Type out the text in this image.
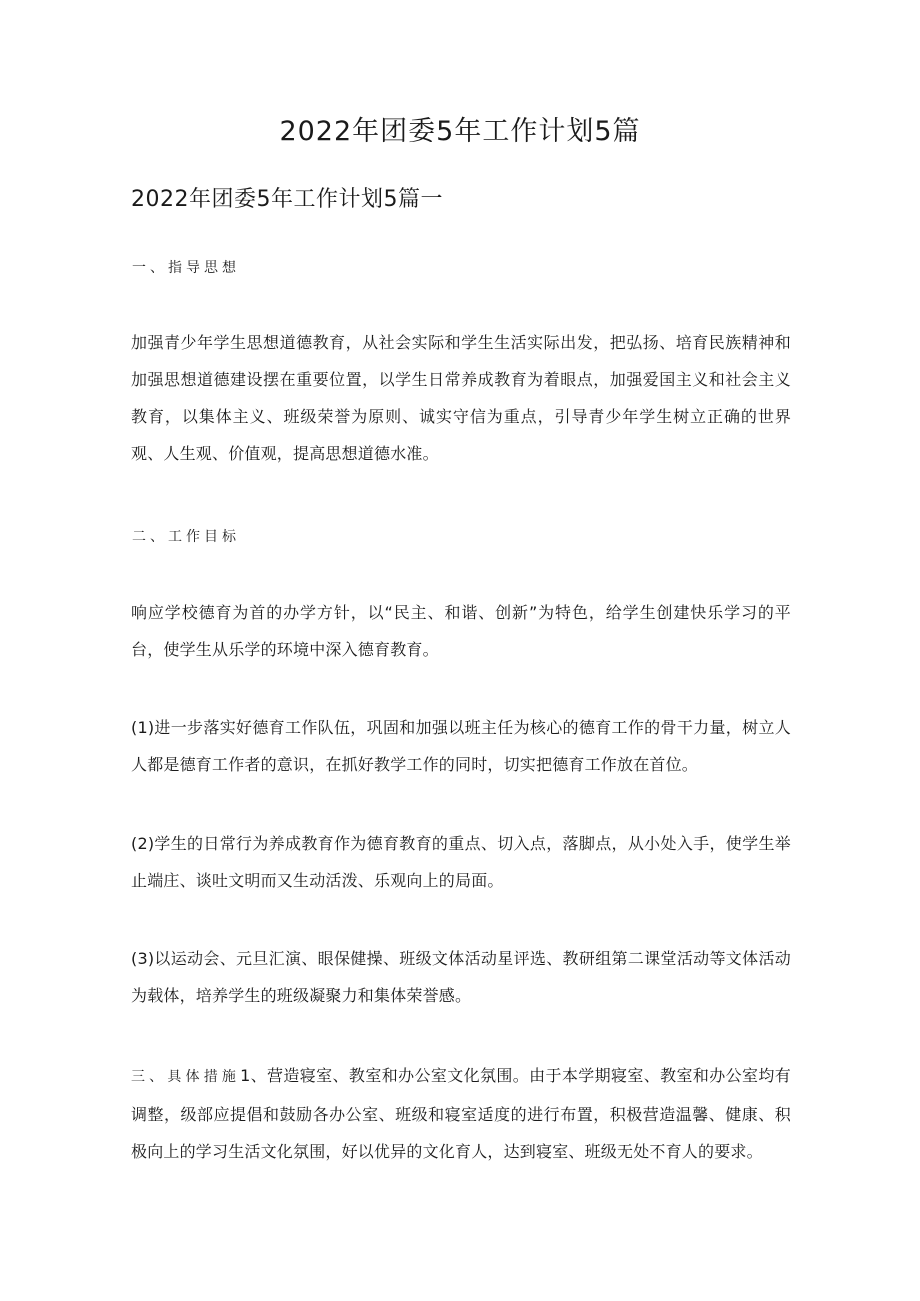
2022年团委5年工作计划5篇
2022年团委5年工作计划5篇一
一、指导思想
加强青少年学生思想道德教育，从社会实际和学生生活实际出发，把弘扬、培育民族精神和加强思想道德建设摆在重要位置，以学生日常养成教育为着眼点，加强爱国主义和社会主义教育，以集体主义、班级荣誉为原则、诚实守信为重点，引导青少年学生树立正确的世界观、人生观、价值观，提高思想道德水准。
二、工作目标
响应学校德育为首的办学方针，以“民主、和谐、创新”为特色，给学生创建快乐学习的平台，使学生从乐学的环境中深入德育教育。
(1)进一步落实好德育工作队伍，巩固和加强以班主任为核心的德育工作的骨干力量，树立人人都是德育工作者的意识，在抓好教学工作的同时，切实把德育工作放在首位。
(2)学生的日常行为养成教育作为德育教育的重点、切入点，落脚点，从小处入手，使学生举止端庄、谈吐文明而又生动活泼、乐观向上的局面。
(3)以运动会、元旦汇演、眼保健操、班级文体活动星评选、教研组第二课堂活动等文体活动为载体，培养学生的班级凝聚力和集体荣誉感。
三、具体措施1、营造寝室、教室和办公室文化氛围。由于本学期寝室、教室和办公室均有调整，级部应提倡和鼓励各办公室、班级和寝室适度的进行布置，积极营造温馨、健康、积极向上的学习生活文化氛围，好以优异的文化育人，达到寝室、班级无处不育人的要求。
